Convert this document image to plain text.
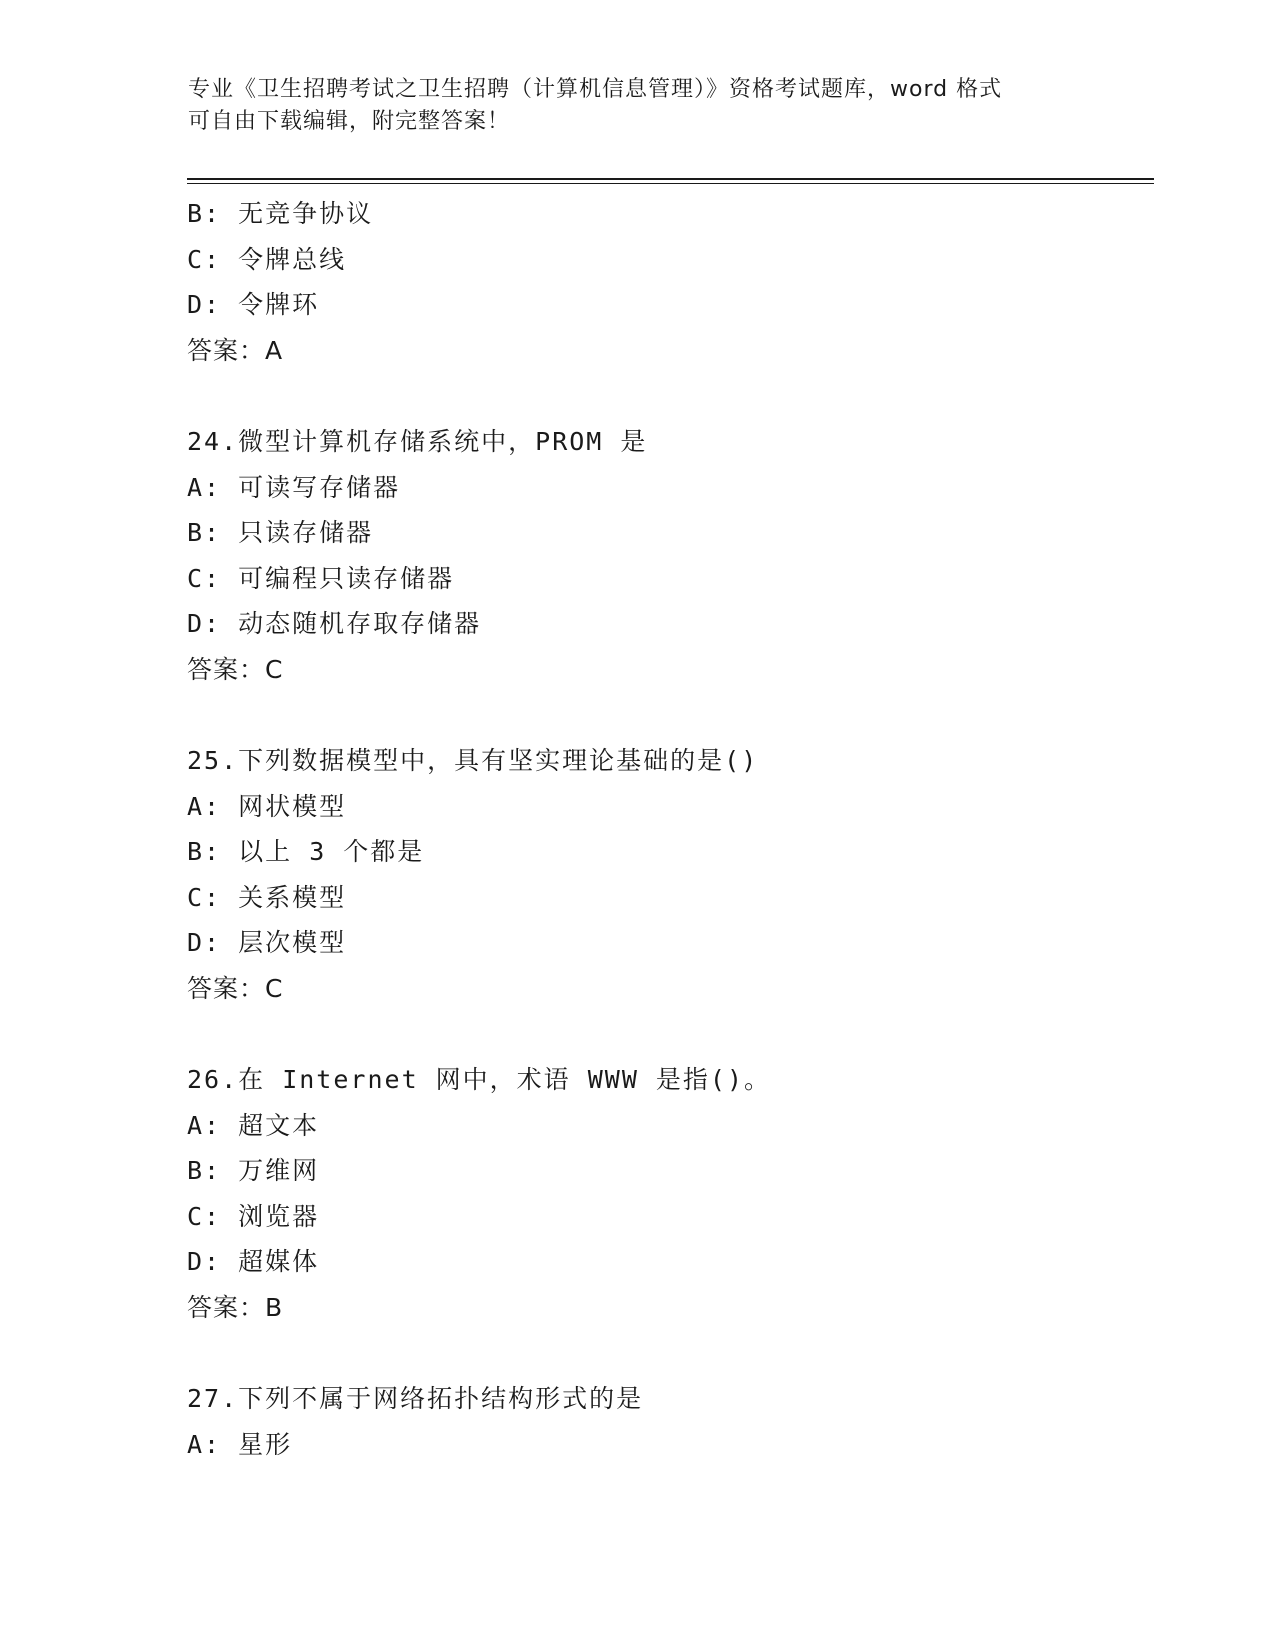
专业《卫生招聘考试之卫生招聘（计算机信息管理）》资格考试题库，word 格式

可自由下载编辑，附完整答案！

B: 无竞争协议
C: 令牌总线
D: 令牌环
答案：A
24.微型计算机存储系统中，PROM 是
A: 可读写存储器
B: 只读存储器
C: 可编程只读存储器
D: 动态随机存取存储器
答案：C
25.下列数据模型中，具有坚实理论基础的是()
A: 网状模型
B: 以上 3 个都是
C: 关系模型
D: 层次模型
答案：C
26.在 Internet 网中，术语 WWW 是指()。
A: 超文本
B: 万维网
C: 浏览器
D: 超媒体
答案：B
27.下列不属于网络拓扑结构形式的是
A: 星形
